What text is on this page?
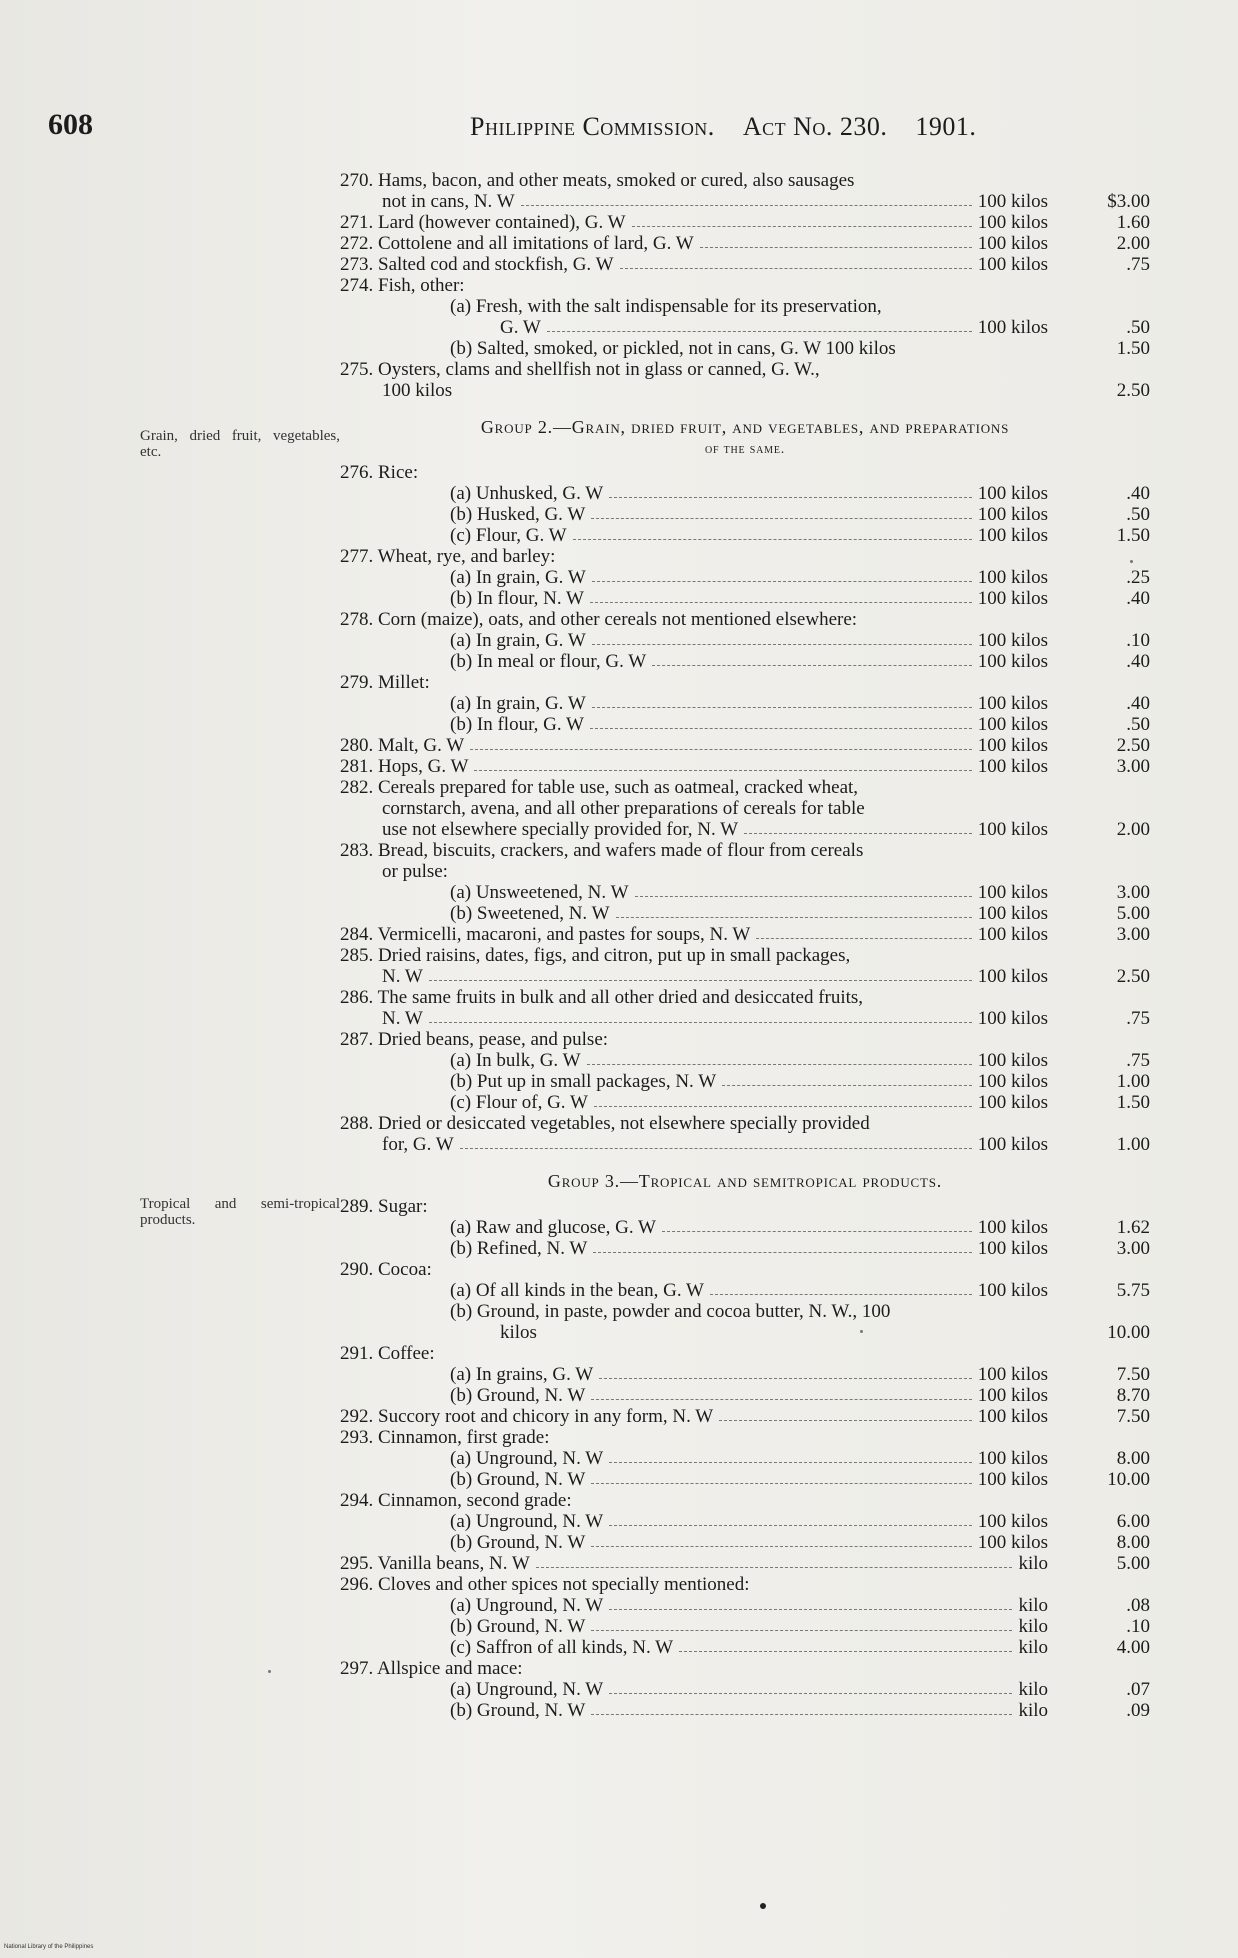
608	Philippine Commission. Act No. 230. 1901.
Grain, dried fruit, vegetables, etc.
Tropical and semi-tropical products.
270. Hams, bacon, and other meats, smoked or cured, also sausages
not in cans, N. W	100 kilos	$3.00
271. Lard (however contained), G. W	100 kilos	1.60
272. Cottolene and all imitations of lard, G. W	100 kilos	2.00
273. Salted cod and stockfish, G. W	100 kilos	.75
274. Fish, other:
(a) Fresh, with the salt indispensable for its preservation,
G. W	100 kilos	.50
(b) Salted, smoked, or pickled, not in cans, G. W 100 kilos	1.50
275. Oysters, clams and shellfish not in glass or canned, G. W.,
100 kilos	2.50
Group 2.—Grain, dried fruit, and vegetables, and preparations
of the same.
276. Rice:
(a) Unhusked, G. W	100 kilos	.40
(b) Husked, G. W	100 kilos	.50
(c) Flour, G. W	100 kilos	1.50
277. Wheat, rye, and barley:
(a) In grain, G. W	100 kilos	.25
(b) In flour, N. W	100 kilos	.40
278. Corn (maize), oats, and other cereals not mentioned elsewhere:
(a) In grain, G. W	100 kilos	.10
(b) In meal or flour, G. W	100 kilos	.40
279. Millet:
(a) In grain, G. W	100 kilos	.40
(b) In flour, G. W	100 kilos	.50
280. Malt, G. W	100 kilos	2.50
281. Hops, G. W	100 kilos	3.00
282. Cereals prepared for table use, such as oatmeal, cracked wheat,
cornstarch, avena, and all other preparations of cereals for table
use not elsewhere specially provided for, N. W	100 kilos	2.00
283. Bread, biscuits, crackers, and wafers made of flour from cereals
or pulse:
(a) Unsweetened, N. W	100 kilos	3.00
(b) Sweetened, N. W	100 kilos	5.00
284. Vermicelli, macaroni, and pastes for soups, N. W	100 kilos	3.00
285. Dried raisins, dates, figs, and citron, put up in small packages,
N. W	100 kilos	2.50
286. The same fruits in bulk and all other dried and desiccated fruits,
N. W	100 kilos	.75
287. Dried beans, pease, and pulse:
(a) In bulk, G. W	100 kilos	.75
(b) Put up in small packages, N. W	100 kilos	1.00
(c) Flour of, G. W	100 kilos	1.50
288. Dried or desiccated vegetables, not elsewhere specially provided
for, G. W	100 kilos	1.00
Group 3.—Tropical and semitropical products.
289. Sugar:
(a) Raw and glucose, G. W	100 kilos	1.62
(b) Refined, N. W	100 kilos	3.00
290. Cocoa:
(a) Of all kinds in the bean, G. W	100 kilos	5.75
(b) Ground, in paste, powder and cocoa butter, N. W., 100
kilos	10.00
291. Coffee:
(a) In grains, G. W	100 kilos	7.50
(b) Ground, N. W	100 kilos	8.70
292. Succory root and chicory in any form, N. W	100 kilos	7.50
293. Cinnamon, first grade:
(a) Unground, N. W	100 kilos	8.00
(b) Ground, N. W	100 kilos	10.00
294. Cinnamon, second grade:
(a) Unground, N. W	100 kilos	6.00
(b) Ground, N. W	100 kilos	8.00
295. Vanilla beans, N. W	kilo	5.00
296. Cloves and other spices not specially mentioned:
(a) Unground, N. W	kilo	.08
(b) Ground, N. W	kilo	.10
(c) Saffron of all kinds, N. W	kilo	4.00
297. Allspice and mace:
(a) Unground, N. W	kilo	.07
(b) Ground, N. W	kilo	.09
National Library of the Philippines
